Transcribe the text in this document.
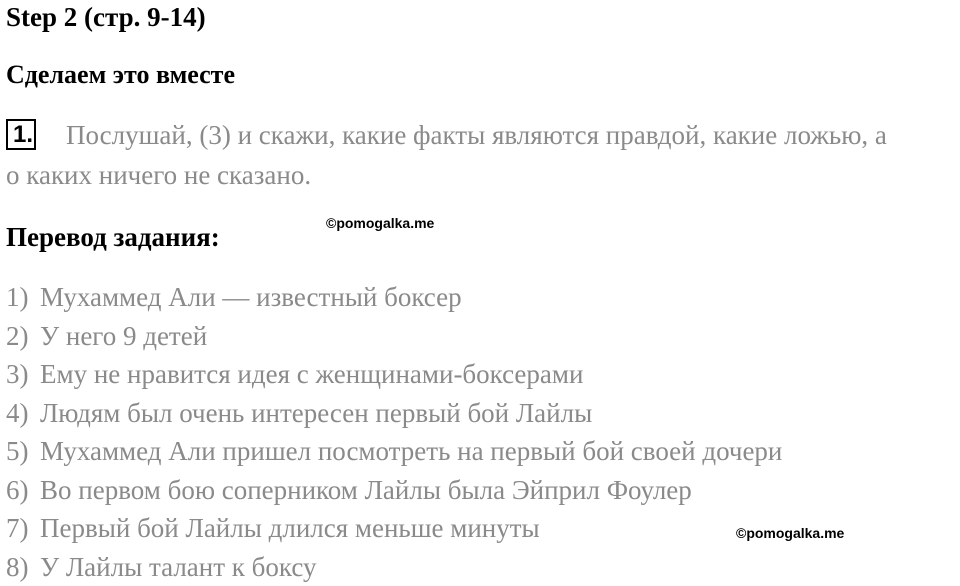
Step 2 (стр. 9-14)
Сделаем это вместе
1. Послушай, (3) и скажи, какие факты являются правдой, какие ложью, а
о каких ничего не сказано.
Перевод задания:	©pomogalka.me
©pomogalka.me
1) Мухаммед Али — известный боксер
2) У него 9 детей
3) Ему не нравится идея с женщинами-боксерами
4) Людям был очень интересен первый бой Лайлы
5) Мухаммед Али пришел посмотреть на первый бой своей дочери
6) Во первом бою соперником Лайлы была Эйприл Фоулер
7) Первый бой Лайлы длился меньше минуты
8) У Лайлы талант к боксу
